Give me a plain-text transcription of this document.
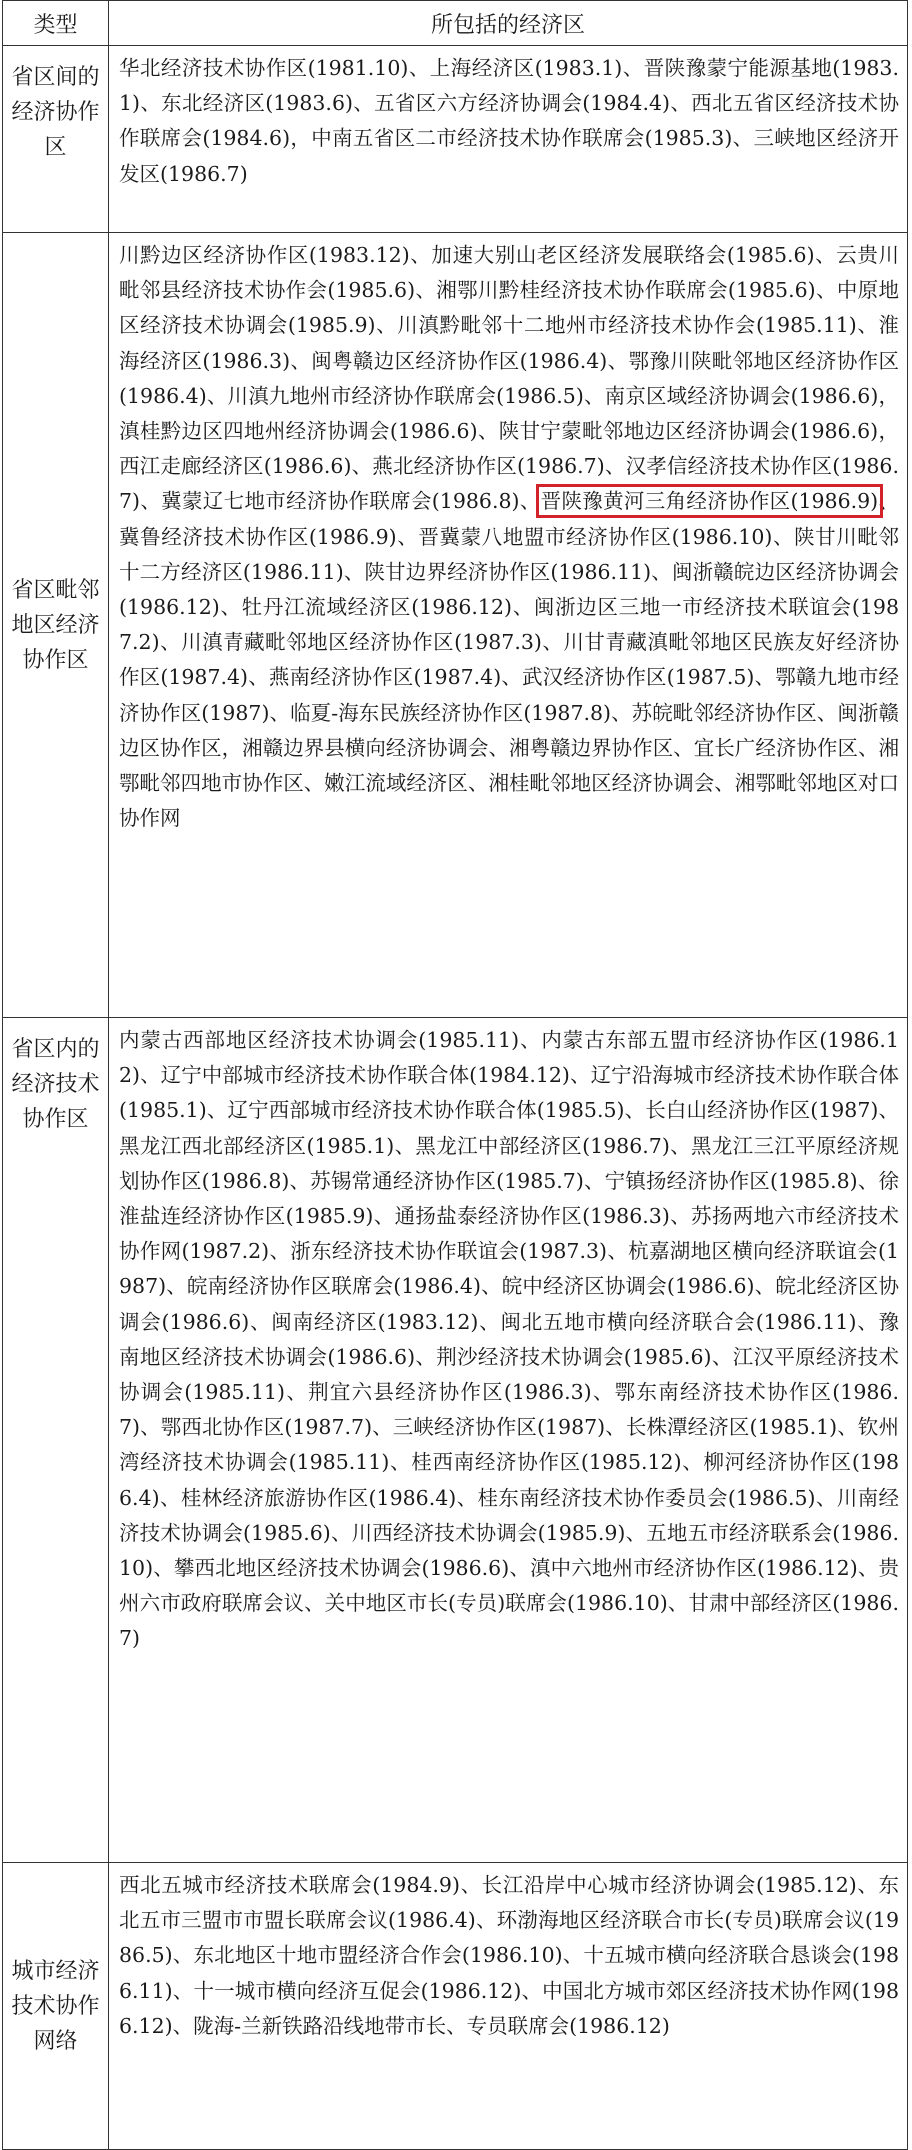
类型	所包括的经济区
省区间的经济协作区	华北经济技术协作区(1981.10)、上海经济区(1983.1)、晋陕豫蒙宁能源基地(1983.1)、东北经济区(1983.6)、五省区六方经济协调会(1984.4)、西北五省区经济技术协作联席会(1984.6)，中南五省区二市经济技术协作联席会(1985.3)、三峡地区经济开发区(1986.7)
省区毗邻地区经济协作区	川黔边区经济协作区(1983.12)、加速大别山老区经济发展联络会(1985.6)、云贵川毗邻县经济技术协作会(1985.6)、湘鄂川黔桂经济技术协作联席会(1985.6)、中原地区经济技术协调会(1985.9)、川滇黔毗邻十二地州市经济技术协作会(1985.11)、淮海经济区(1986.3)、闽粤赣边区经济协作区(1986.4)、鄂豫川陕毗邻地区经济协作区(1986.4)、川滇九地州市经济协作联席会(1986.5)、南京区域经济协调会(1986.6)，滇桂黔边区四地州经济协调会(1986.6)、陕甘宁蒙毗邻地边区经济协调会(1986.6)，西江走廊经济区(1986.6)、燕北经济协作区(1986.7)、汉孝信经济技术协作区(1986.7)、冀蒙辽七地市经济协作联席会(1986.8)、晋陕豫黄河三角经济协作区(1986.9)、冀鲁经济技术协作区(1986.9)、晋冀蒙八地盟市经济协作区(1986.10)、陕甘川毗邻十二方经济区(1986.11)、陕甘边界经济协作区(1986.11)、闽浙赣皖边区经济协调会(1986.12)、牡丹江流域经济区(1986.12)、闽浙边区三地一市经济技术联谊会(1987.2)、川滇青藏毗邻地区经济协作区(1987.3)、川甘青藏滇毗邻地区民族友好经济协作区(1987.4)、燕南经济协作区(1987.4)、武汉经济协作区(1987.5)、鄂赣九地市经济协作区(1987)、临夏-海东民族经济协作区(1987.8)、苏皖毗邻经济协作区、闽浙赣边区协作区，湘赣边界县横向经济协调会、湘粤赣边界协作区、宜长广经济协作区、湘鄂毗邻四地市协作区、嫩江流域经济区、湘桂毗邻地区经济协调会、湘鄂毗邻地区对口协作网
省区内的经济技术协作区	内蒙古西部地区经济技术协调会(1985.11)、内蒙古东部五盟市经济协作区(1986.12)、辽宁中部城市经济技术协作联合体(1984.12)、辽宁沿海城市经济技术协作联合体(1985.1)、辽宁西部城市经济技术协作联合体(1985.5)、长白山经济协作区(1987)、黑龙江西北部经济区(1985.1)、黑龙江中部经济区(1986.7)、黑龙江三江平原经济规划协作区(1986.8)、苏锡常通经济协作区(1985.7)、宁镇扬经济协作区(1985.8)、徐淮盐连经济协作区(1985.9)、通扬盐泰经济协作区(1986.3)、苏扬两地六市经济技术协作网(1987.2)、浙东经济技术协作联谊会(1987.3)、杭嘉湖地区横向经济联谊会(1987)、皖南经济协作区联席会(1986.4)、皖中经济区协调会(1986.6)、皖北经济区协调会(1986.6)、闽南经济区(1983.12)、闽北五地市横向经济联合会(1986.11)、豫南地区经济技术协调会(1986.6)、荆沙经济技术协调会(1985.6)、江汉平原经济技术协调会(1985.11)、荆宜六县经济协作区(1986.3)、鄂东南经济技术协作区(1986.7)、鄂西北协作区(1987.7)、三峡经济协作区(1987)、长株潭经济区(1985.1)、钦州湾经济技术协调会(1985.11)、桂西南经济协作区(1985.12)、柳河经济协作区(1986.4)、桂林经济旅游协作区(1986.4)、桂东南经济技术协作委员会(1986.5)、川南经济技术协调会(1985.6)、川西经济技术协调会(1985.9)、五地五市经济联系会(1986.10)、攀西北地区经济技术协调会(1986.6)、滇中六地州市经济协作区(1986.12)、贵州六市政府联席会议、关中地区市长(专员)联席会(1986.10)、甘肃中部经济区(1986.7)
城市经济技术协作网络	西北五城市经济技术联席会(1984.9)、长江沿岸中心城市经济协调会(1985.12)、东北五市三盟市市盟长联席会议(1986.4)、环渤海地区经济联合市长(专员)联席会议(1986.5)、东北地区十地市盟经济合作会(1986.10)、十五城市横向经济联合恳谈会(1986.11)、十一城市横向经济互促会(1986.12)、中国北方城市郊区经济技术协作网(1986.12)、陇海-兰新铁路沿线地带市长、专员联席会(1986.12)
